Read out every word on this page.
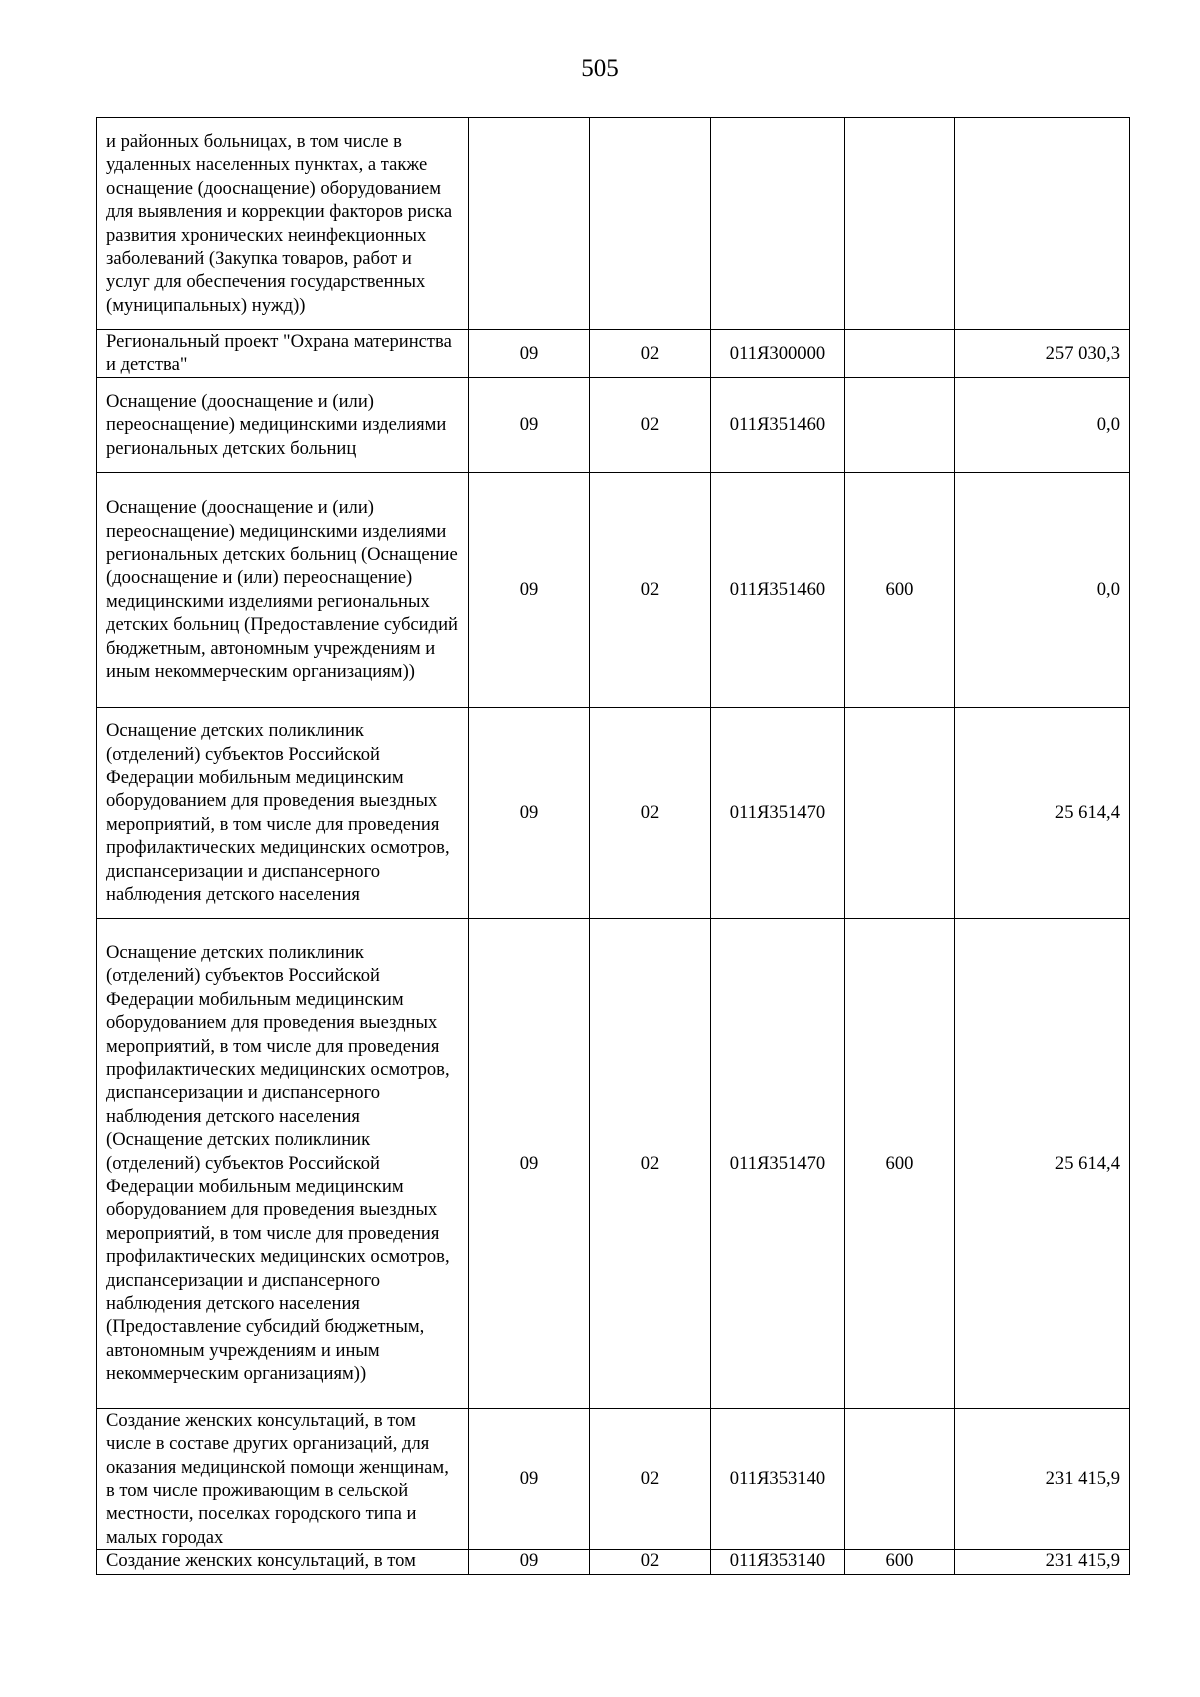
505
и районных больницах, в том числе в удаленных населенных пунктах, а также оснащение (дооснащение) оборудованием для выявления и коррекции факторов риска развития хронических неинфекционных заболеваний (Закупка товаров, работ и услуг для обеспечения государственных (муниципальных) нужд))					
Региональный проект "Охрана материнства и детства"	09	02	011Я300000		257 030,3
Оснащение (дооснащение и (или) переоснащение) медицинскими изделиями региональных детских больниц	09	02	011Я351460		0,0
Оснащение (дооснащение и (или) переоснащение) медицинскими изделиями региональных детских больниц (Оснащение (дооснащение и (или) переоснащение) медицинскими изделиями региональных детских больниц (Предоставление субсидий бюджетным, автономным учреждениям и иным некоммерческим организациям))	09	02	011Я351460	600	0,0
Оснащение детских поликлиник (отделений) субъектов Российской Федерации мобильным медицинским оборудованием для проведения выездных мероприятий, в том числе для проведения профилактических медицинских осмотров, диспансеризации и диспансерного наблюдения детского населения	09	02	011Я351470		25 614,4
Оснащение детских поликлиник (отделений) субъектов Российской Федерации мобильным медицинским оборудованием для проведения выездных мероприятий, в том числе для проведения профилактических медицинских осмотров, диспансеризации и диспансерного наблюдения детского населения (Оснащение детских поликлиник (отделений) субъектов Российской Федерации мобильным медицинским оборудованием для проведения выездных мероприятий, в том числе для проведения профилактических медицинских осмотров, диспансеризации и диспансерного наблюдения детского населения (Предоставление субсидий бюджетным, автономным учреждениям и иным некоммерческим организациям))	09	02	011Я351470	600	25 614,4
Создание женских консультаций, в том числе в составе других организаций, для оказания медицинской помощи женщинам, в том числе проживающим в сельской местности, поселках городского типа и малых городах	09	02	011Я353140		231 415,9
Создание женских консультаций, в том	09	02	011Я353140	600	231 415,9
